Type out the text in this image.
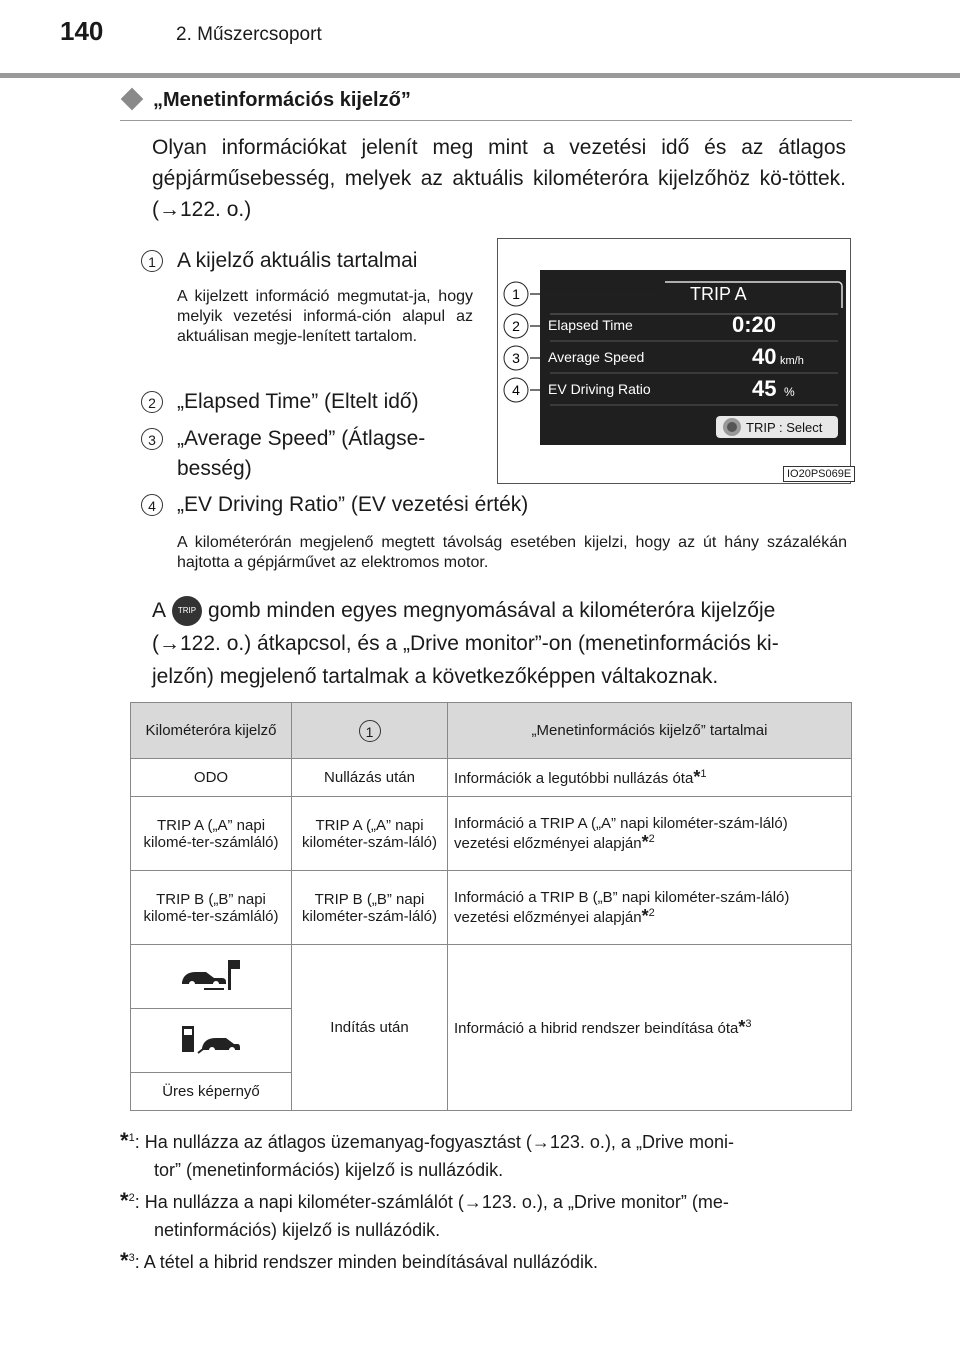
140	2. Műszercsoport
„Menetinformációs kijelző”
Olyan információkat jelenít meg mint a vezetési idő és az átlagos gépjárműsebesség, melyek az aktuális kilométeróra kijelzőhöz kö-töttek. (→122. o.)
1	A kijelző aktuális tartalmai
A kijelzett információ megmutat-ja, hogy melyik vezetési informá-ción alapul az aktuálisan megje-lenített tartalom.
2	„Elapsed Time” (Eltelt idő)
3	„Average Speed” (Átlagse-
besség)
TRIP A
Elapsed Time	0:20
Average Speed	40 km/h
EV Driving Ratio	45 %
TRIP : Select
1
2
3
4
IO20PS069E
4	„EV Driving Ratio” (EV vezetési érték)
A kilométerórán megjelenő megtett távolság esetében kijelzi, hogy az út hány százalékán hajtotta a gépjárművet az elektromos motor.
A TRIP gomb minden egyes megnyomásával a kilométeróra kijelzője
(→122. o.) átkapcsol, és a „Drive monitor”-on (menetinformációs ki-
jelzőn) megjelenő tartalmak a következőképpen váltakoznak.
Kilométeróra kijelző	1	„Menetinformációs kijelző” tartalmai
ODO	Nullázás után	Információk a legutóbbi nullázás óta*$^1$
TRIP A („A” napi kilomé-ter-számláló)	TRIP A („A” napi kilométer-szám-láló)	Információ a TRIP A („A” napi kilométer-szám-láló) vezetési előzményei alapján*$^2$
TRIP B („B” napi kilomé-ter-számláló)	TRIP B („B” napi kilométer-szám-láló)	Információ a TRIP B („B” napi kilométer-szám-láló) vezetési előzményei alapján*$^2$
	Indítás után	Információ a hibrid rendszer beindítása óta*$^3$

Üres képernyő		
*$^1$: Ha nullázza az átlagos üzemanyag-fogyasztást (→123. o.), a „Drive moni-
tor” (menetinformációs) kijelző is nullázódik.
*$^2$: Ha nullázza a napi kilométer-számlálót (→123. o.), a „Drive monitor” (me-
netinformációs) kijelző is nullázódik.
*$^3$: A tétel a hibrid rendszer minden beindításával nullázódik.
